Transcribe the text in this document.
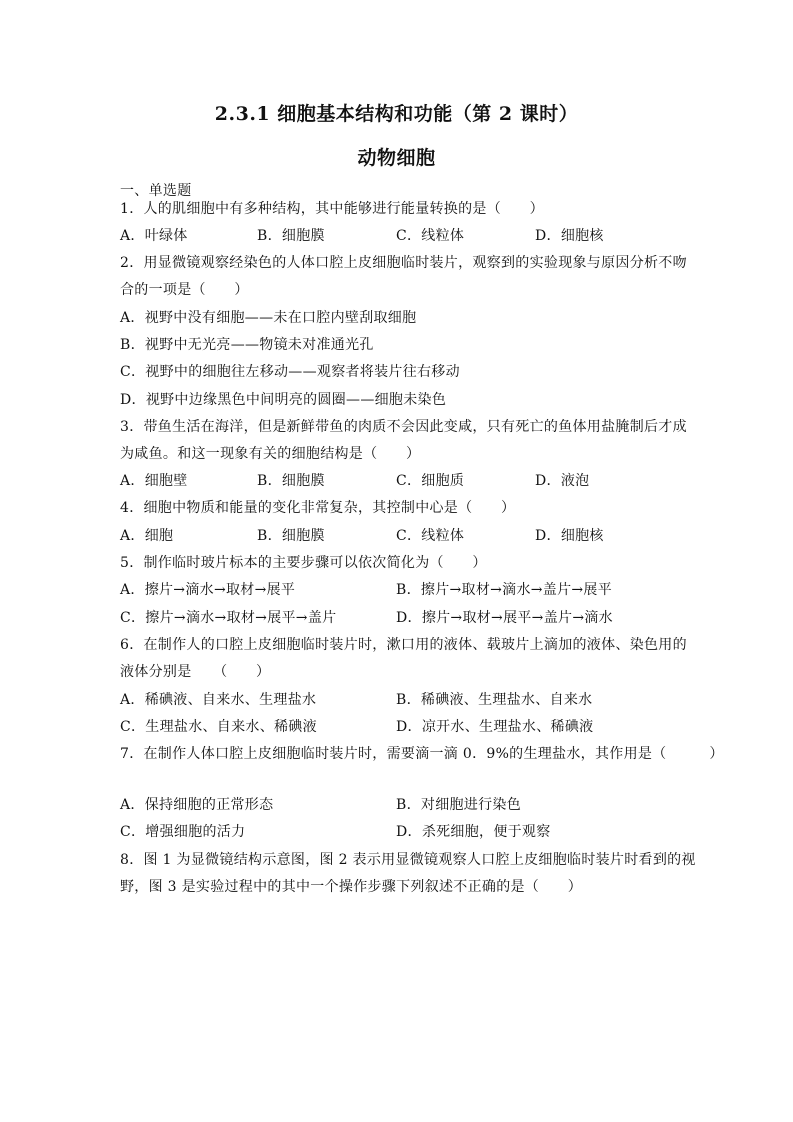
2.3.1 细胞基本结构和功能（第 2 课时）
动物细胞
一、单选题
1．人的肌细胞中有多种结构，其中能够进行能量转换的是（　　）
A．叶绿体	B．细胞膜	C．线粒体	D．细胞核
2．用显微镜观察经染色的人体口腔上皮细胞临时装片，观察到的实验现象与原因分析不吻
合的一项是（　　）
A．视野中没有细胞——未在口腔内壁刮取细胞
B．视野中无光亮——物镜未对准通光孔
C．视野中的细胞往左移动——观察者将装片往右移动
D．视野中边缘黑色中间明亮的圆圈——细胞未染色
3．带鱼生活在海洋，但是新鲜带鱼的肉质不会因此变咸，只有死亡的鱼体用盐腌制后才成
为咸鱼。和这一现象有关的细胞结构是（　　）
A．细胞壁	B．细胞膜	C．细胞质	D．液泡
4．细胞中物质和能量的变化非常复杂，其控制中心是（　　）
A．细胞	B．细胞膜	C．线粒体	D．细胞核
5．制作临时玻片标本的主要步骤可以依次简化为（　　）
A．擦片→滴水→取材→展平	B．擦片→取材→滴水→盖片→展平
C．擦片→滴水→取材→展平→盖片	D．擦片→取材→展平→盖片→滴水
6．在制作人的口腔上皮细胞临时装片时，漱口用的液体、载玻片上滴加的液体、染色用的
液体分别是　　（　　）
A．稀碘液、自来水、生理盐水	B．稀碘液、生理盐水、自来水
C．生理盐水、自来水、稀碘液	D．凉开水、生理盐水、稀碘液
7．在制作人体口腔上皮细胞临时装片时，需要滴一滴 0．9%的生理盐水，其作用是（　　　）
A．保持细胞的正常形态	B．对细胞进行染色
C．增强细胞的活力	D．杀死细胞，便于观察
8．图 1 为显微镜结构示意图，图 2 表示用显微镜观察人口腔上皮细胞临时装片时看到的视
野，图 3 是实验过程中的其中一个操作步骤下列叙述不正确的是（　　）
